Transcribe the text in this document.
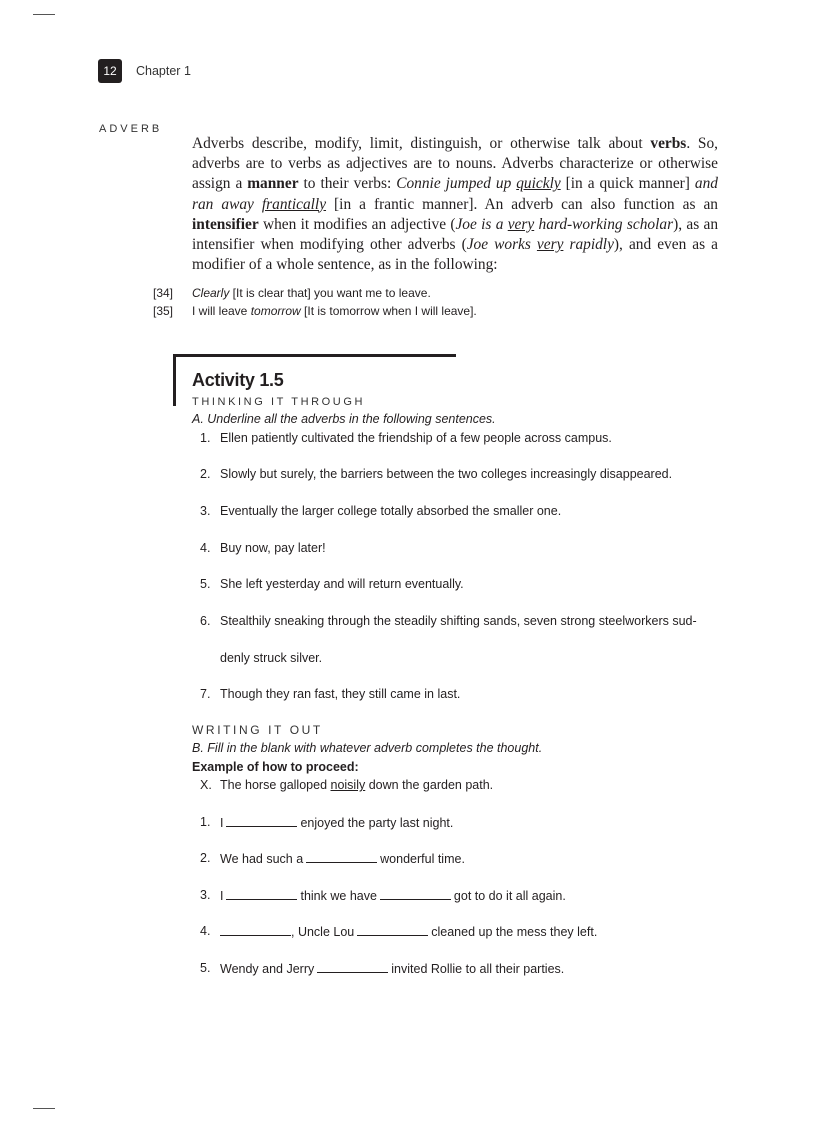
12	Chapter 1
ADVERB

Adverbs describe, modify, limit, distinguish, or otherwise talk about verbs. So, adverbs are to verbs as adjectives are to nouns. Adverbs characterize or otherwise assign a manner to their verbs: Connie jumped up quickly [in a quick manner] and ran away frantically [in a frantic manner]. An adverb can also function as an intensifier when it modifies an adjective (Joe is a very hard-working scholar), as an intensifier when modifying other adverbs (Joe works very rapidly), and even as a modifier of a whole sentence, as in the following:

[34] Clearly [It is clear that] you want me to leave.
[35] I will leave tomorrow [It is tomorrow when I will leave].
Activity 1.5
THINKING IT THROUGH
A. Underline all the adverbs in the following sentences.
1. Ellen patiently cultivated the friendship of a few people across campus.
2. Slowly but surely, the barriers between the two colleges increasingly disappeared.
3. Eventually the larger college totally absorbed the smaller one.
4. Buy now, pay later!
5. She left yesterday and will return eventually.
6. Stealthily sneaking through the steadily shifting sands, seven strong steelworkers sud-
denly struck silver.
7. Though they ran fast, they still came in last.
WRITING IT OUT
B. Fill in the blank with whatever adverb completes the thought.
Example of how to proceed:
X. The horse galloped noisily down the garden path.
1. I	enjoyed the party last night.
2. We had such a	wonderful time.
3. I	think we have	got to do it all again.
4.	, Uncle Lou	cleaned up the mess they left.
5. Wendy and Jerry	invited Rollie to all their parties.
